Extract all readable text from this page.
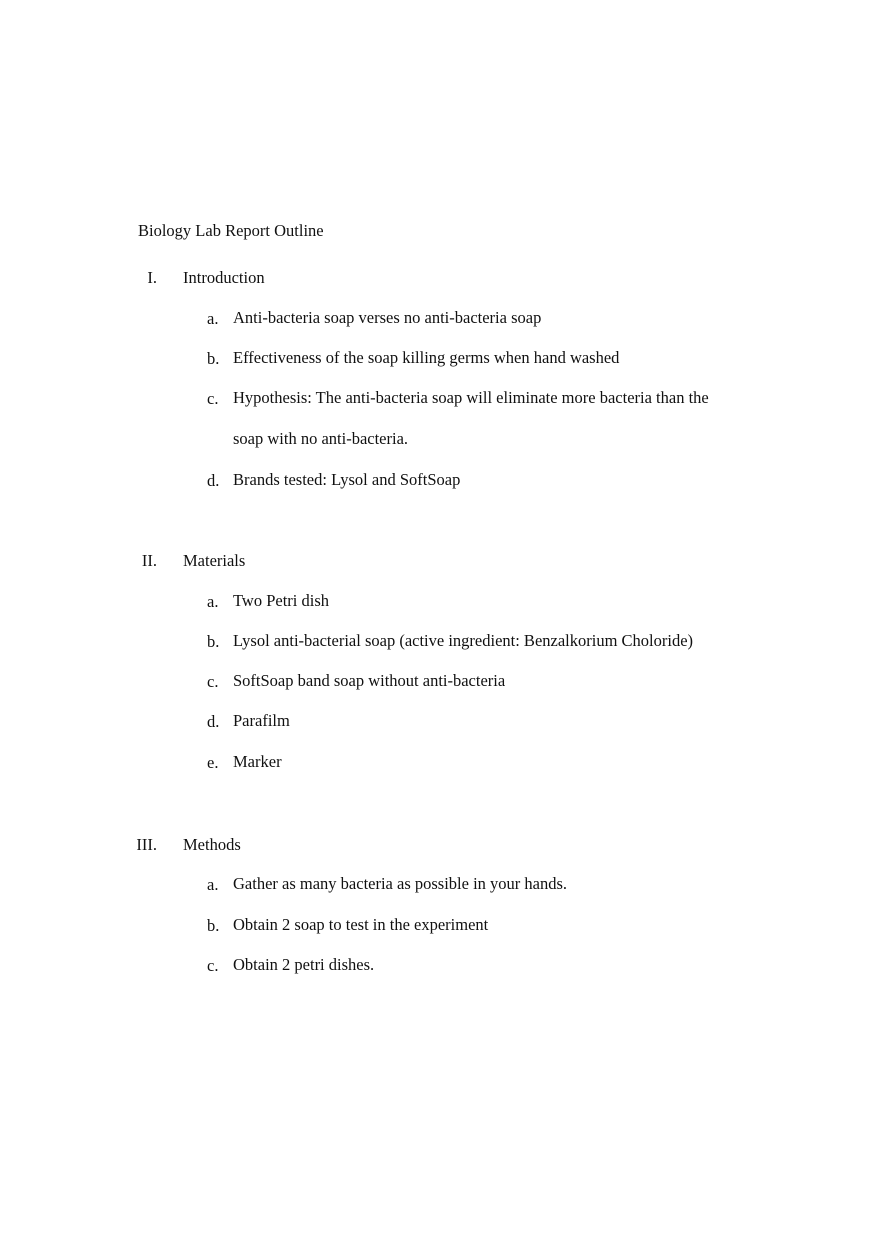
Biology Lab Report Outline
I. Introduction
a. Anti-bacteria soap verses no anti-bacteria soap
b. Effectiveness of the soap killing germs when hand washed
c. Hypothesis: The anti-bacteria soap will eliminate more bacteria than the soap with no anti-bacteria.
d. Brands tested: Lysol and SoftSoap
II. Materials
a. Two Petri dish
b. Lysol anti-bacterial soap (active ingredient: Benzalkorium Choloride)
c. SoftSoap band soap without anti-bacteria
d. Parafilm
e. Marker
III. Methods
a. Gather as many bacteria as possible in your hands.
b. Obtain 2 soap to test in the experiment
c. Obtain 2 petri dishes.
